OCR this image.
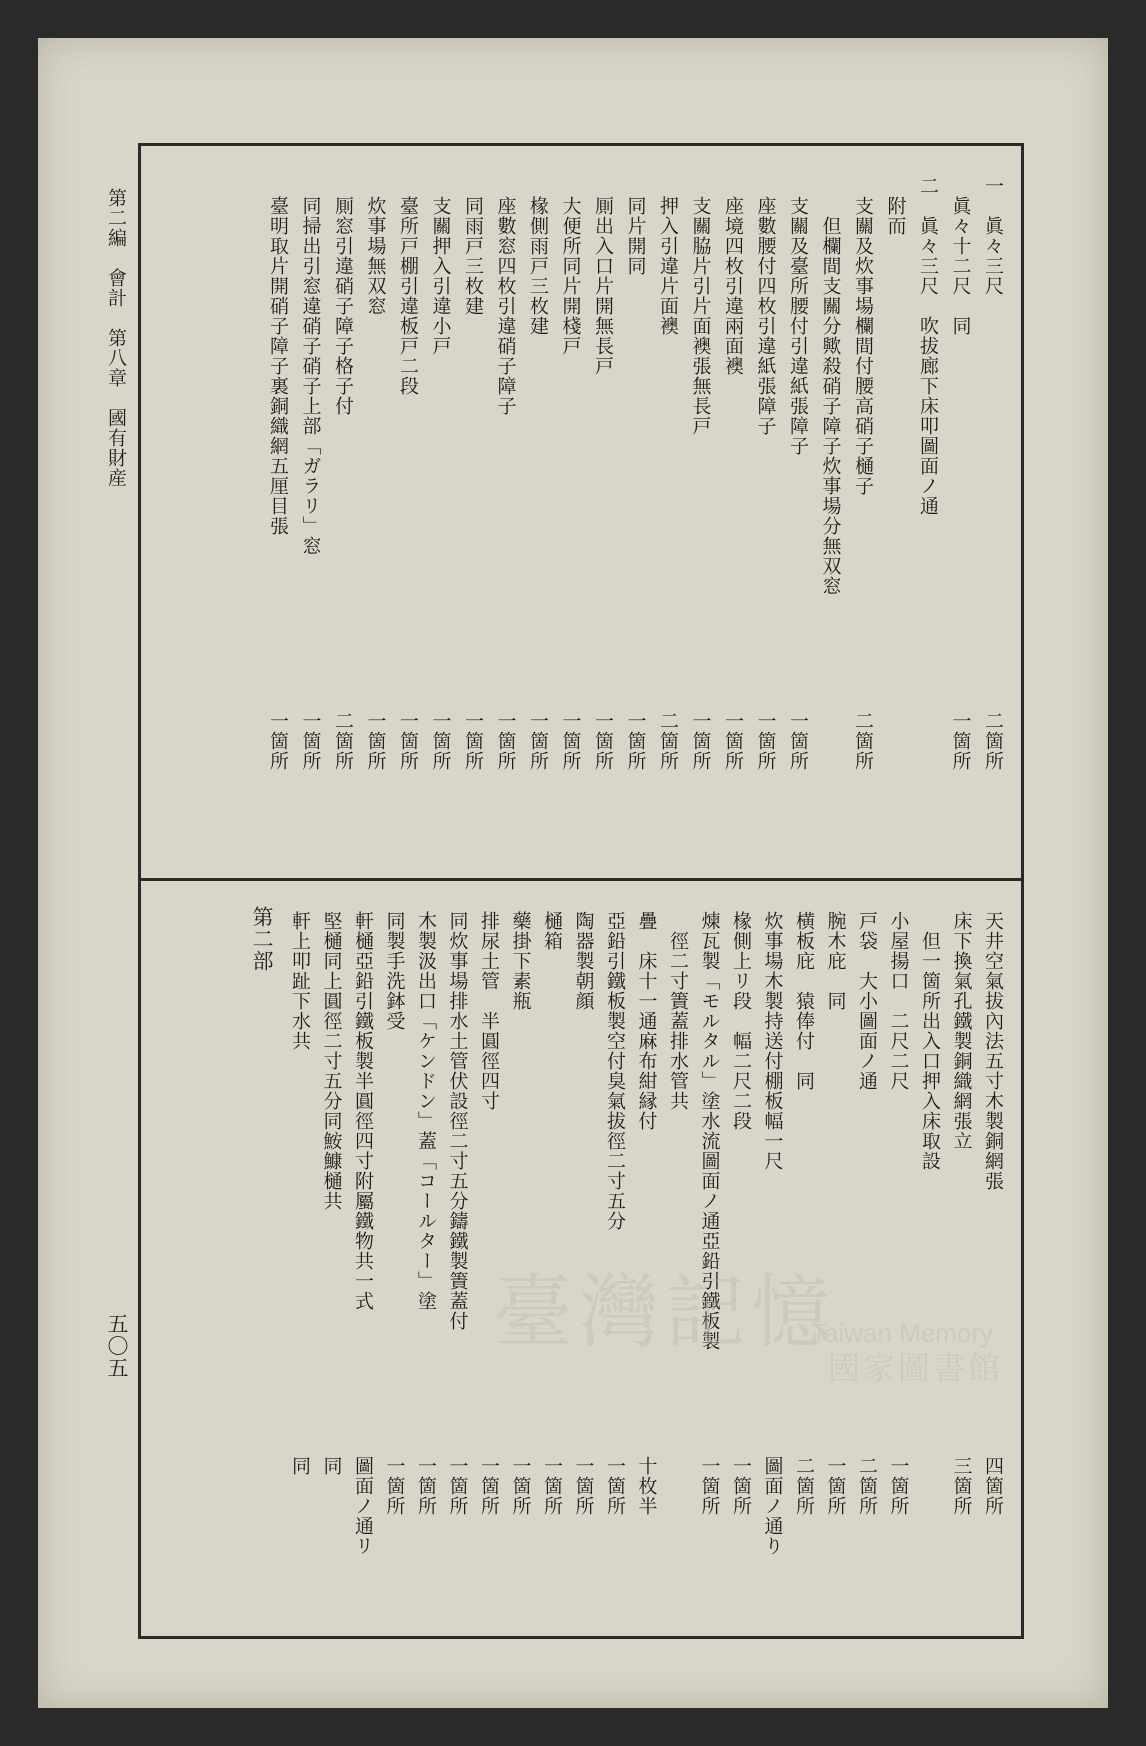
第二編　會計　第八章　國有財産
五〇五
一　眞々三尺
二箇所
　眞々十二尺　同
一箇所
二　眞々三尺　吹拔廊下床叩圖面ノ通
　附而
　支關及炊事場欄間付腰高硝子樋子
二箇所
　　但欄間支關分歟殺硝子障子炊事場分無双窓
　支關及臺所腰付引違紙張障子
一箇所
　座數腰付四枚引違紙張障子
一箇所
　座境四枚引違兩面襖
一箇所
　支關脇片引片面襖張無長戸
一箇所
　押入引違片面襖
二箇所
　同片開同
一箇所
　厠出入口片開無長戸
一箇所
　大便所同片開棧戸
一箇所
　椽側雨戸三枚建
一箇所
　座數窓四枚引違硝子障子
一箇所
　同雨戸三枚建
一箇所
　支關押入引違小戸
一箇所
　臺所戸棚引違板戸二段
一箇所
　炊事場無双窓
一箇所
　厠窓引違硝子障子格子付
二箇所
　同掃出引窓違硝子硝子上部「ガラリ」窓
一箇所
　臺明取片開硝子障子裏銅織網五厘目張
一箇所
第二部	天井空氣拔內法五寸木製銅網張
四箇所
床下換氣孔鐵製銅織網張立
三箇所
　但一箇所出入口押入床取設
小屋揚口　二尺二尺
一箇所
戸袋　大小圖面ノ通
二箇所
腕木庇　同
一箇所
横板庇　猿俸付　同
二箇所
炊事場木製持送付棚板幅一尺
圖面ノ通り
椽側上リ段　幅二尺二段
一箇所
煉瓦製「モルタル」塗水流圖面ノ通亞鉛引鐵板製
一箇所
　徑二寸簀蓋排水管共
疊　床十一通麻布紺縁付
十枚半
亞鉛引鐵板製空付臭氣拔徑二寸五分
一箇所
陶器製朝顔
一箇所
樋箱
一箇所
藥掛下素瓶
一箇所
排尿土管　半圓徑四寸
一箇所
同炊事場排水土管伏設徑二寸五分鑄鐵製簀蓋付
一箇所
木製汲出口「ケンドン」蓋「コールター」塗
一箇所
同製手洗鉢受
一箇所
軒樋亞鉛引鐵板製半圓徑四寸附屬鐵物共一式
圖面ノ通リ
堅樋同上圓徑二寸五分同鮟鱇樋共
同
軒上叩趾下水共
同
臺灣記憶
Taiwan Memory
國家圖書館
